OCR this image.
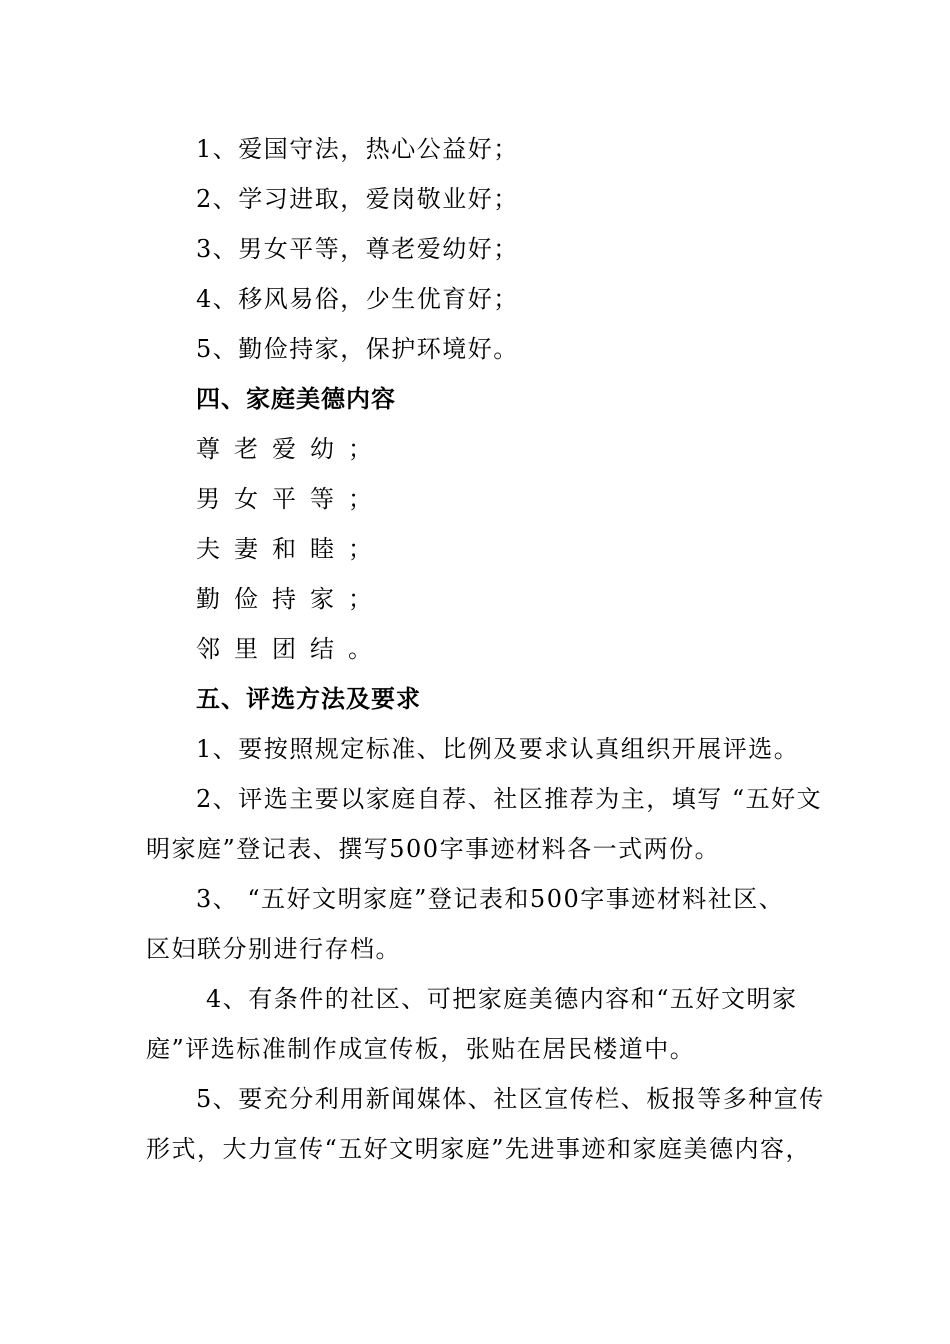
1、爱国守法，热心公益好；
2、学习进取，爱岗敬业好；
3、男女平等，尊老爱幼好；
4、移风易俗，少生优育好；
5、勤俭持家，保护环境好。
四、家庭美德内容
尊老爱幼；
男女平等；
夫妻和睦；
勤俭持家；
邻里团结。
五、评选方法及要求
1、要按照规定标准、比例及要求认真组织开展评选。
2、评选主要以家庭自荐、社区推荐为主，填写 “五好文
明家庭”登记表、撰写500字事迹材料各一式两份。
3、 “五好文明家庭”登记表和500字事迹材料社区、
区妇联分别进行存档。
4、有条件的社区、可把家庭美德内容和“五好文明家
庭”评选标准制作成宣传板，张贴在居民楼道中。
5、要充分利用新闻媒体、社区宣传栏、板报等多种宣传
形式，大力宣传“五好文明家庭”先进事迹和家庭美德内容，
